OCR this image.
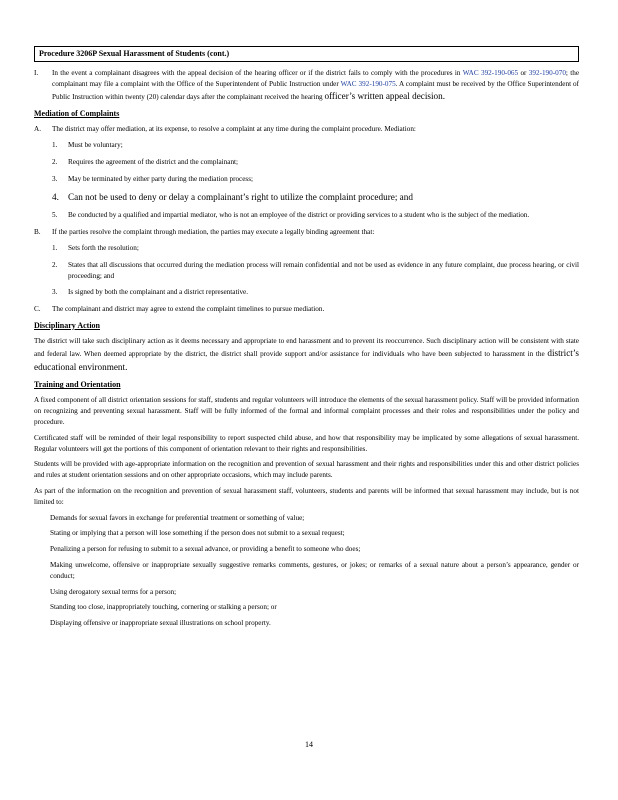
Procedure 3206P Sexual Harassment of Students (cont.)
I.	In the event a complainant disagrees with the appeal decision of the hearing officer or if the district fails to comply with the procedures in WAC 392-190-065 or 392-190-070; the complainant may file a complaint with the Office of the Superintendent of Public Instruction under WAC 392-190-075. A complaint must be received by the Office Superintendent of Public Instruction within twenty (20) calendar days after the complainant received the hearing officer’s written appeal decision.
Mediation of Complaints
A.	The district may offer mediation, at its expense, to resolve a complaint at any time during the complaint procedure. Mediation:
1.	Must be voluntary;
2.	Requires the agreement of the district and the complainant;
3.	May be terminated by either party during the mediation process;
4. Can not be used to deny or delay a complainant’s right to utilize the complaint procedure; and
5.	Be conducted by a qualified and impartial mediator, who is not an employee of the district or providing services to a student who is the subject of the mediation.
B.	If the parties resolve the complaint through mediation, the parties may execute a legally binding agreement that:
1.	Sets forth the resolution;
2.	States that all discussions that occurred during the mediation process will remain confidential and not be used as evidence in any future complaint, due process hearing, or civil proceeding; and
3.	Is signed by both the complainant and a district representative.
C.	The complainant and district may agree to extend the complaint timelines to pursue mediation.
Disciplinary Action

The district will take such disciplinary action as it deems necessary and appropriate to end harassment and to prevent its reoccurrence. Such disciplinary action will be consistent with state and federal law. When deemed appropriate by the district, the district shall provide support and/or assistance for individuals who have been subjected to harassment in the district’s educational environment.

Training and Orientation

A fixed component of all district orientation sessions for staff, students and regular volunteers will introduce the elements of the sexual harassment policy. Staff will be provided information on recognizing and preventing sexual harassment. Staff will be fully informed of the formal and informal complaint processes and their roles and responsibilities under the policy and procedure.

Certificated staff will be reminded of their legal responsibility to report suspected child abuse, and how that responsibility may be implicated by some allegations of sexual harassment. Regular volunteers will get the portions of this component of orientation relevant to their rights and responsibilities.

Students will be provided with age-appropriate information on the recognition and prevention of sexual harassment and their rights and responsibilities under this and other district policies and rules at student orientation sessions and on other appropriate occasions, which may include parents.

As part of the information on the recognition and prevention of sexual harassment staff, volunteers, students and parents will be informed that sexual harassment may include, but is not limited to:

Demands for sexual favors in exchange for preferential treatment or something of value;
Stating or implying that a person will lose something if the person does not submit to a sexual request;
Penalizing a person for refusing to submit to a sexual advance, or providing a benefit to someone who does;
Making unwelcome, offensive or inappropriate sexually suggestive remarks comments, gestures, or jokes; or remarks of a sexual nature about a person’s appearance, gender or conduct;
Using derogatory sexual terms for a person;
Standing too close, inappropriately touching, cornering or stalking a person; or
Displaying offensive or inappropriate sexual illustrations on school property.
14
